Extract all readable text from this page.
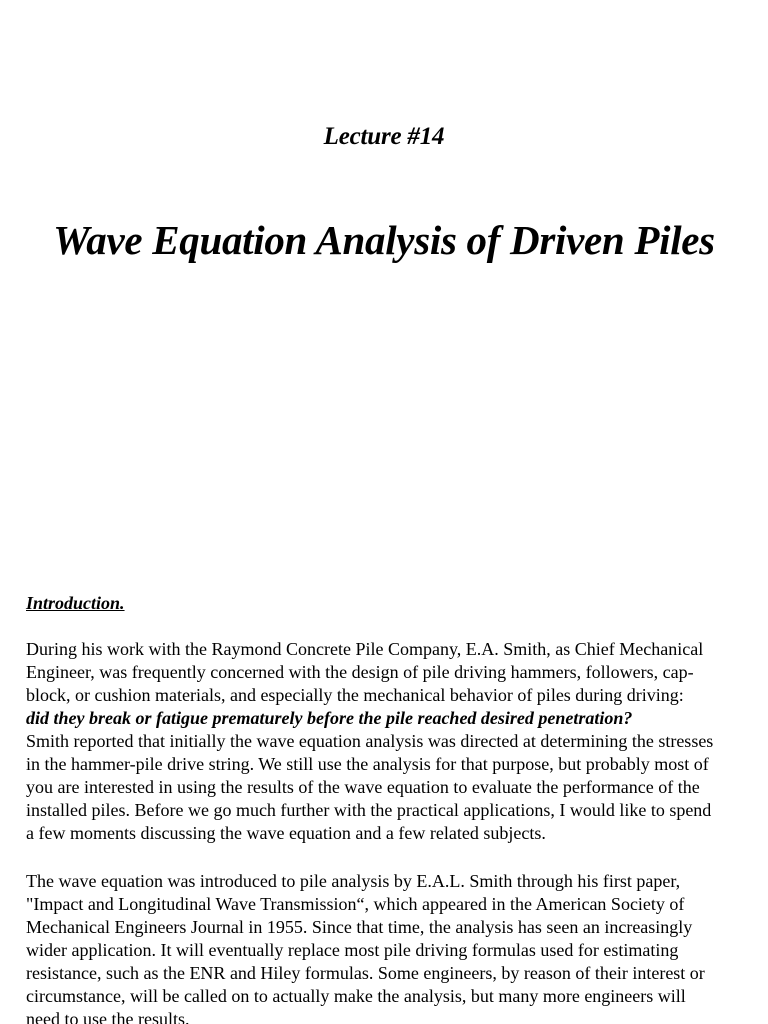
Lecture #14
Wave Equation Analysis of Driven Piles
Introduction.
During his work with the Raymond Concrete Pile Company, E.A. Smith, as Chief Mechanical
Engineer, was frequently concerned with the design of pile driving hammers, followers, cap-
block, or cushion materials, and especially the mechanical behavior of piles during driving:
did they break or fatigue prematurely before the pile reached desired penetration?
Smith reported that initially the wave equation analysis was directed at determining the stresses
in the hammer-pile drive string. We still use the analysis for that purpose, but probably most of
you are interested in using the results of the wave equation to evaluate the performance of the
installed piles. Before we go much further with the practical applications, I would like to spend
a few moments discussing the wave equation and a few related subjects.
The wave equation was introduced to pile analysis by E.A.L. Smith through his first paper,
"Impact and Longitudinal Wave Transmission“, which appeared in the American Society of
Mechanical Engineers Journal in 1955. Since that time, the analysis has seen an increasingly
wider application. It will eventually replace most pile driving formulas used for estimating
resistance, such as the ENR and Hiley formulas. Some engineers, by reason of their interest or
circumstance, will be called on to actually make the analysis, but many more engineers will
need to use the results.
